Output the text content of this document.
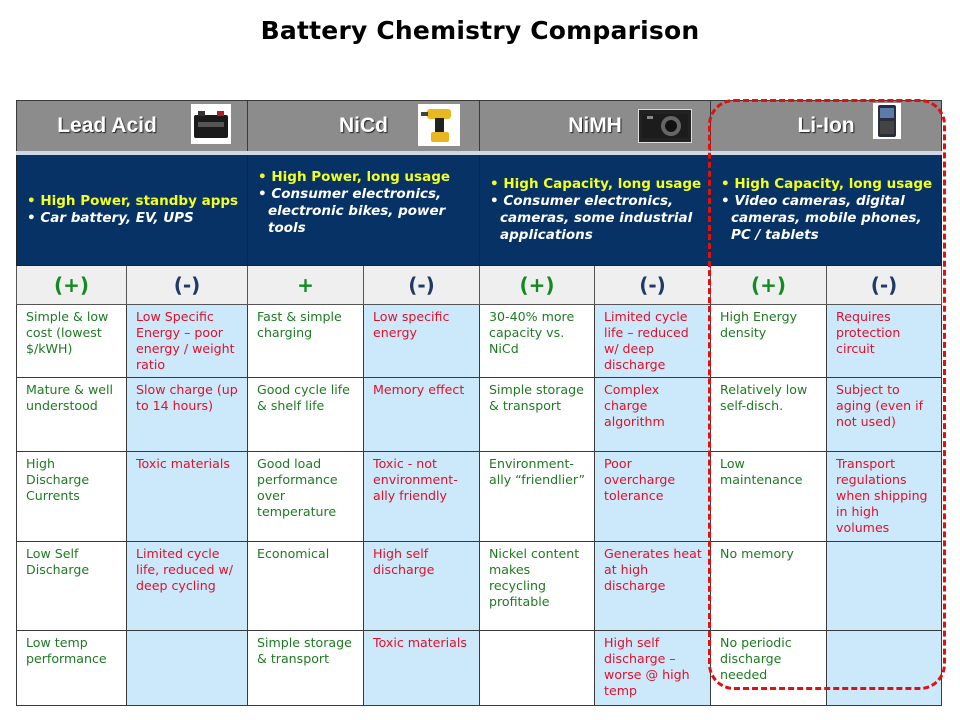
Battery Chemistry Comparison
Lead Acid		NiCd		NiMH		Li-Ion	

• High Power, standby apps
• Car battery, EV, UPS

• High Power, long usage
• Consumer electronics, electronic bikes, power tools

• High Capacity, long usage
• Consumer electronics, cameras, some industrial applications

• High Capacity, long usage
• Video cameras, digital cameras, mobile phones, PC / tablets

(+)	(-)	+	(-)	(+)	(-)	(+)	(-)
Simple & low cost (lowest $/kWH)	Low Specific Energy – poor energy / weight ratio	Fast & simple charging	Low specific energy	30-40% more capacity vs. NiCd	Limited cycle life – reduced w/ deep discharge	High Energy density	Requires protection circuit
Mature & well understood	Slow charge (up to 14 hours)	Good cycle life & shelf life	Memory effect	Simple storage & transport	Complex charge algorithm	Relatively low self-disch.	Subject to aging (even if not used)
High Discharge Currents	Toxic materials	Good load performance over temperature	Toxic - not environment-ally friendly	Environment-ally “friendlier”	Poor overcharge tolerance	Low maintenance	Transport regulations when shipping in high volumes
Low Self Discharge	Limited cycle life, reduced w/ deep cycling	Economical	High self discharge	Nickel content makes recycling profitable	Generates heat at high discharge	No memory	
Low temp performance		Simple storage & transport	Toxic materials		High self discharge – worse @ high temp	No periodic discharge needed	
